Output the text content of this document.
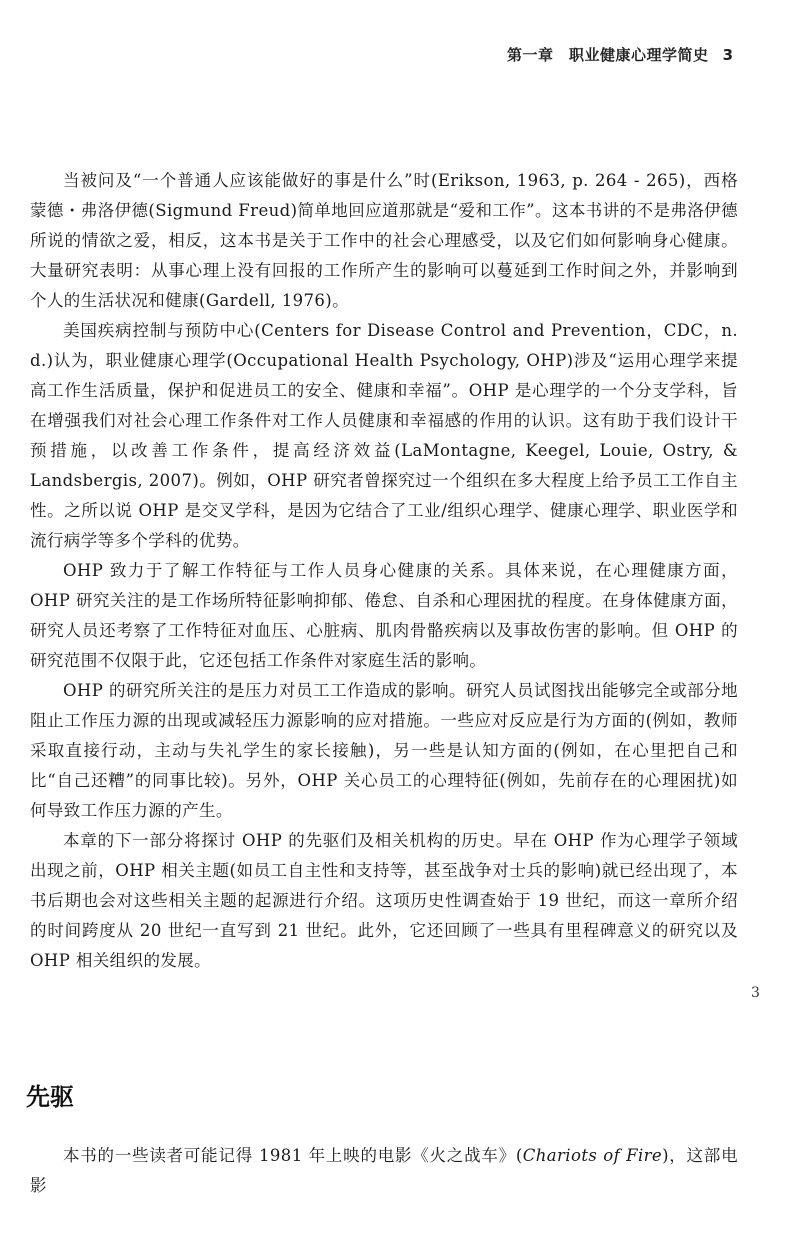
第一章　职业健康心理学简史 3

当被问及“一个普通人应该能做好的事是什么”时(Erikson, 1963, p. 264 - 265)，西格蒙德・弗洛伊德(Sigmund Freud)简单地回应道那就是“爱和工作”。这本书讲的不是弗洛伊德所说的情欲之爱，相反，这本书是关于工作中的社会心理感受，以及它们如何影响身心健康。大量研究表明：从事心理上没有回报的工作所产生的影响可以蔓延到工作时间之外，并影响到个人的生活状况和健康(Gardell, 1976)。

美国疾病控制与预防中心(Centers for Disease Control and Prevention，CDC，n. d.)认为，职业健康心理学(Occupational Health Psychology, OHP)涉及“运用心理学来提高工作生活质量，保护和促进员工的安全、健康和幸福”。OHP 是心理学的一个分支学科，旨在增强我们对社会心理工作条件对工作人员健康和幸福感的作用的认识。这有助于我们设计干预措施，以改善工作条件，提高经济效益(LaMontagne, Keegel, Louie, Ostry, & Landsbergis, 2007)。例如，OHP 研究者曾探究过一个组织在多大程度上给予员工工作自主性。之所以说 OHP 是交叉学科，是因为它结合了工业/组织心理学、健康心理学、职业医学和流行病学等多个学科的优势。

OHP 致力于了解工作特征与工作人员身心健康的关系。具体来说，在心理健康方面，OHP 研究关注的是工作场所特征影响抑郁、倦怠、自杀和心理困扰的程度。在身体健康方面，研究人员还考察了工作特征对血压、心脏病、肌肉骨骼疾病以及事故伤害的影响。但 OHP 的研究范围不仅限于此，它还包括工作条件对家庭生活的影响。

OHP 的研究所关注的是压力对员工工作造成的影响。研究人员试图找出能够完全或部分地阻止工作压力源的出现或减轻压力源影响的应对措施。一些应对反应是行为方面的(例如，教师采取直接行动，主动与失礼学生的家长接触)，另一些是认知方面的(例如，在心里把自己和比“自己还糟”的同事比较)。另外，OHP 关心员工的心理特征(例如，先前存在的心理困扰)如何导致工作压力源的产生。

本章的下一部分将探讨 OHP 的先驱们及相关机构的历史。早在 OHP 作为心理学子领域出现之前，OHP 相关主题(如员工自主性和支持等，甚至战争对士兵的影响)就已经出现了，本书后期也会对这些相关主题的起源进行介绍。这项历史性调查始于 19 世纪，而这一章所介绍的时间跨度从 20 世纪一直写到 21 世纪。此外，它还回顾了一些具有里程碑意义的研究以及 OHP 相关组织的发展。

3
先驱

本书的一些读者可能记得 1981 年上映的电影《火之战车》(Chariots of Fire)，这部电影
